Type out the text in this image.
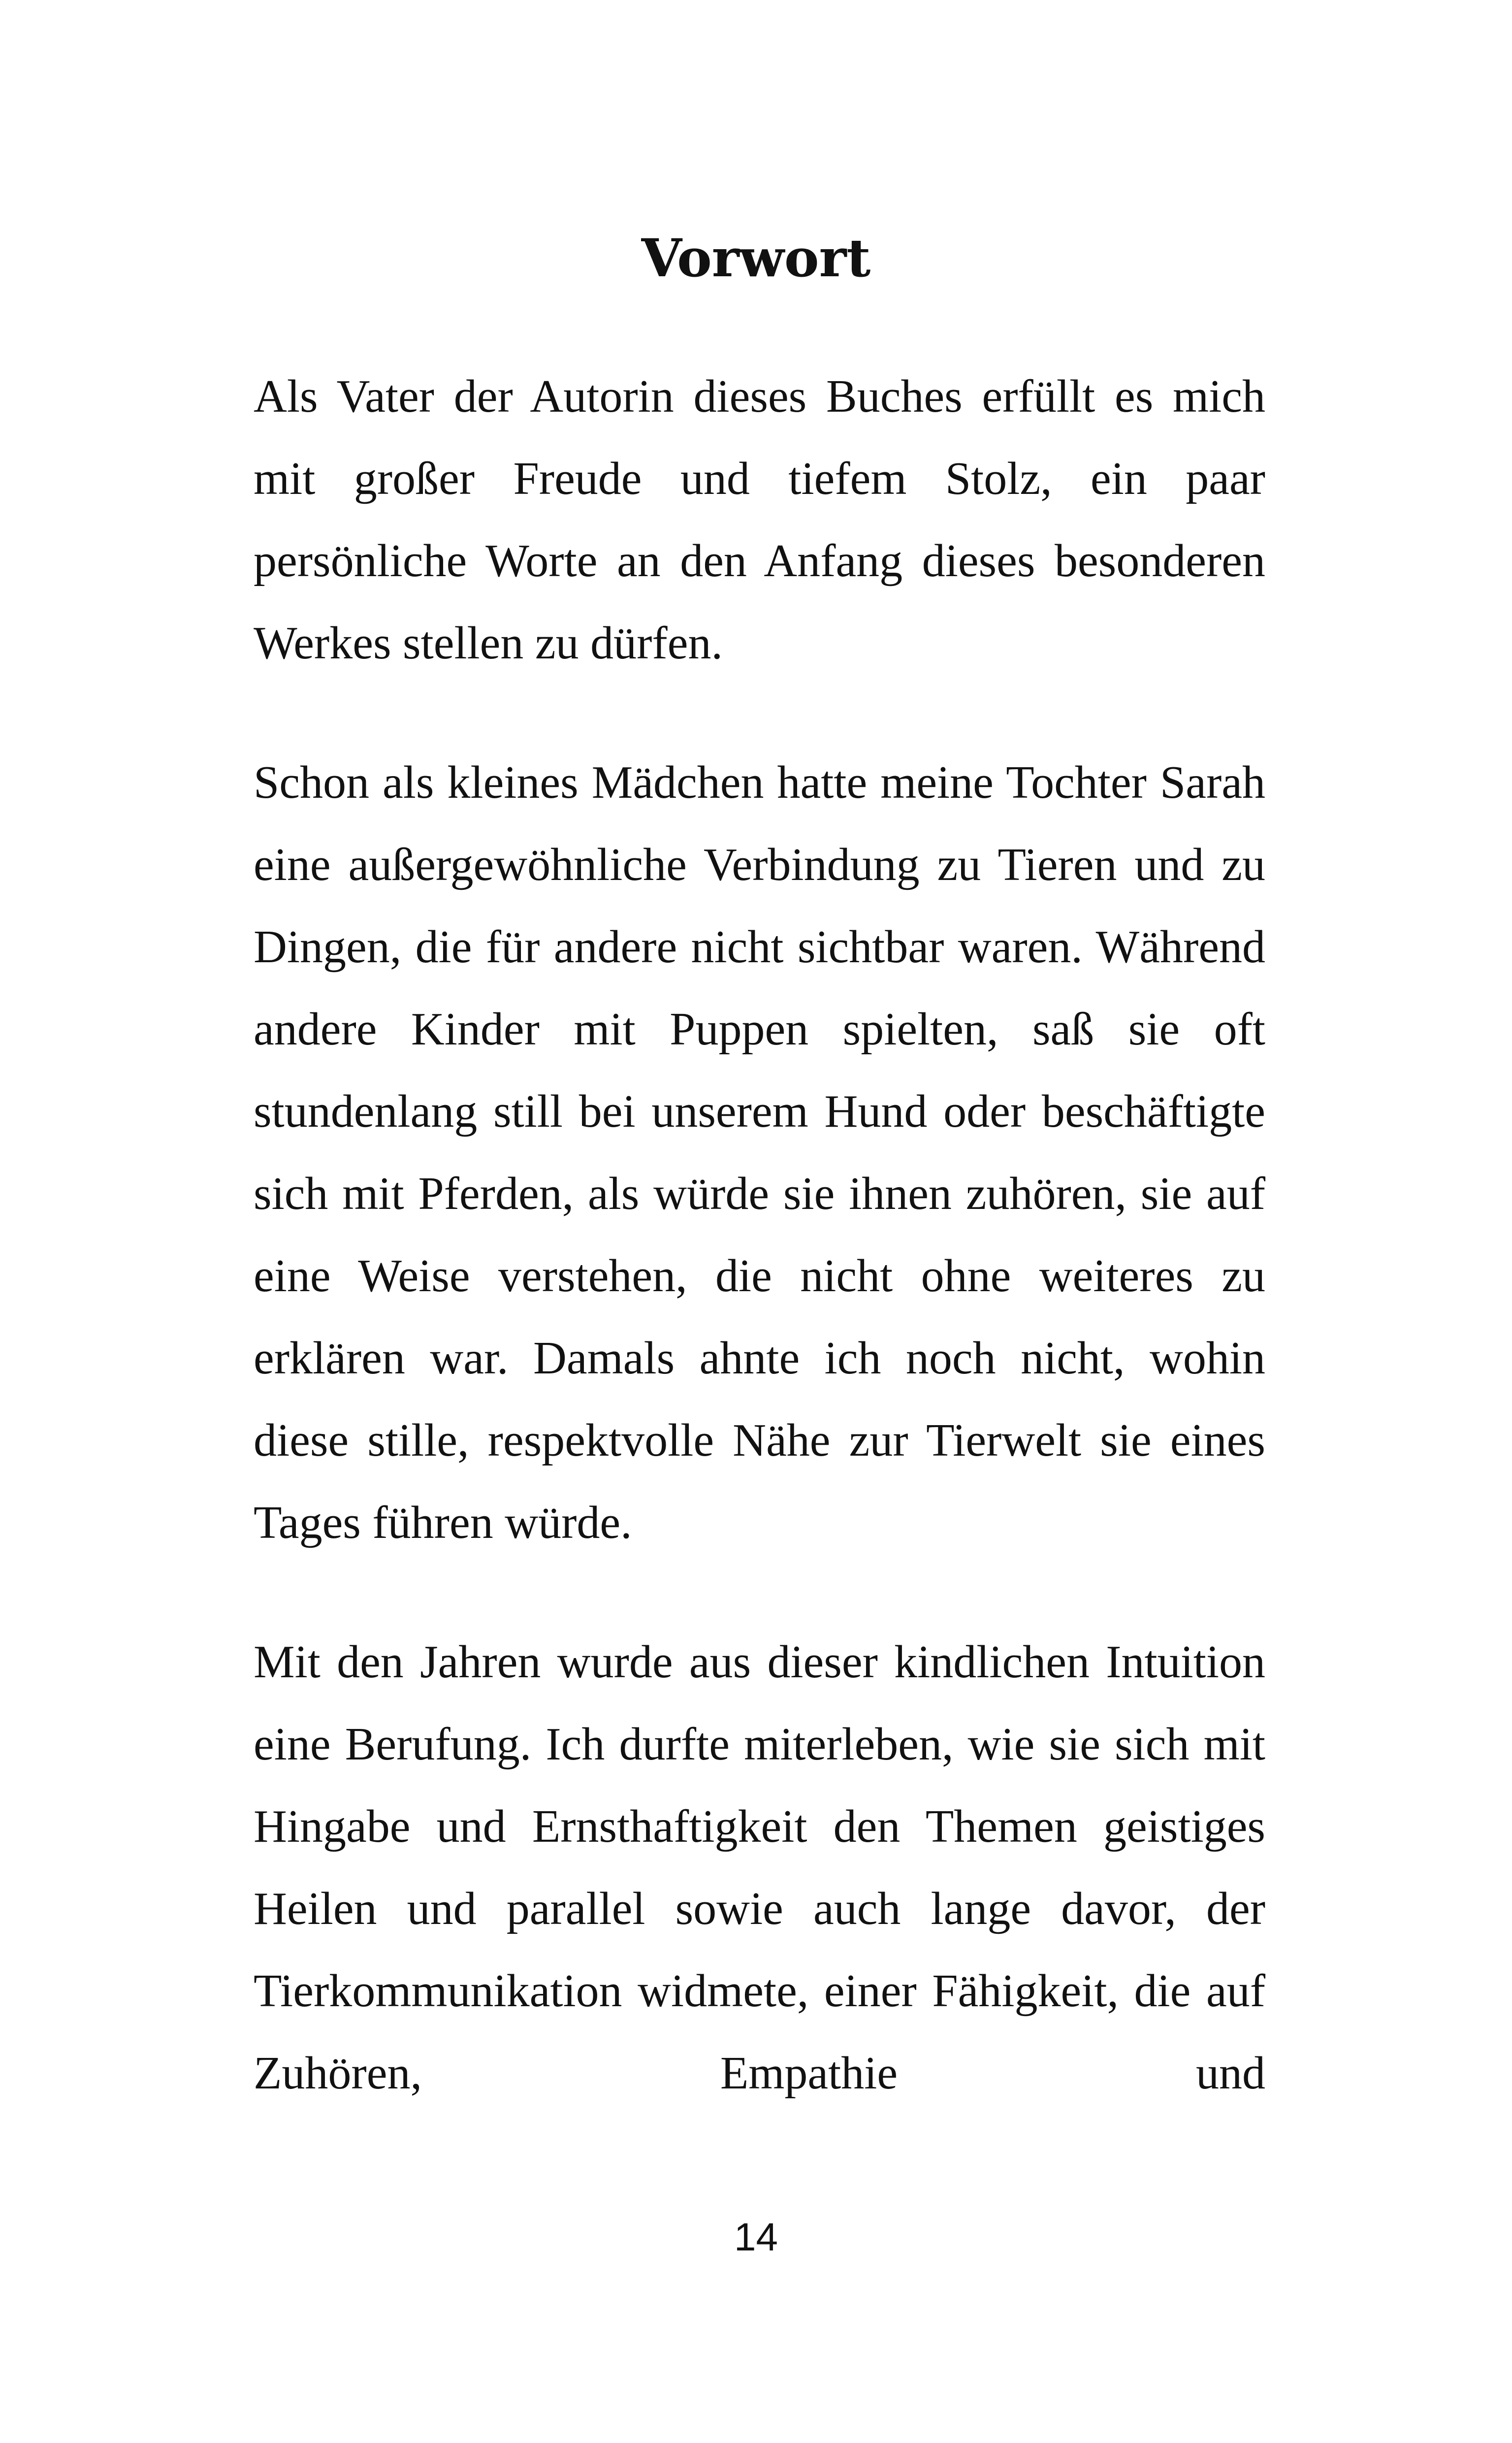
Vorwort

Als Vater der Autorin dieses Buches erfüllt es mich mit großer Freude und tiefem Stolz, ein paar persönliche Worte an den Anfang dieses besonderen Werkes stellen zu dürfen.

Schon als kleines Mädchen hatte meine Tochter Sarah eine außergewöhnliche Verbindung zu Tieren und zu Dingen, die für andere nicht sichtbar waren. Während andere Kinder mit Puppen spielten, saß sie oft stundenlang still bei unserem Hund oder beschäftigte sich mit Pferden, als würde sie ihnen zuhören, sie auf eine Weise verstehen, die nicht ohne weiteres zu erklären war. Damals ahnte ich noch nicht, wohin diese stille, respektvolle Nähe zur Tierwelt sie eines Tages führen würde.

Mit den Jahren wurde aus dieser kindlichen Intuition eine Berufung. Ich durfte miterleben, wie sie sich mit Hingabe und Ernsthaftigkeit den Themen geistiges Heilen und parallel sowie auch lange davor, der Tierkommunikation widmete, einer Fähigkeit, die auf Zuhören, Empathie und

14
